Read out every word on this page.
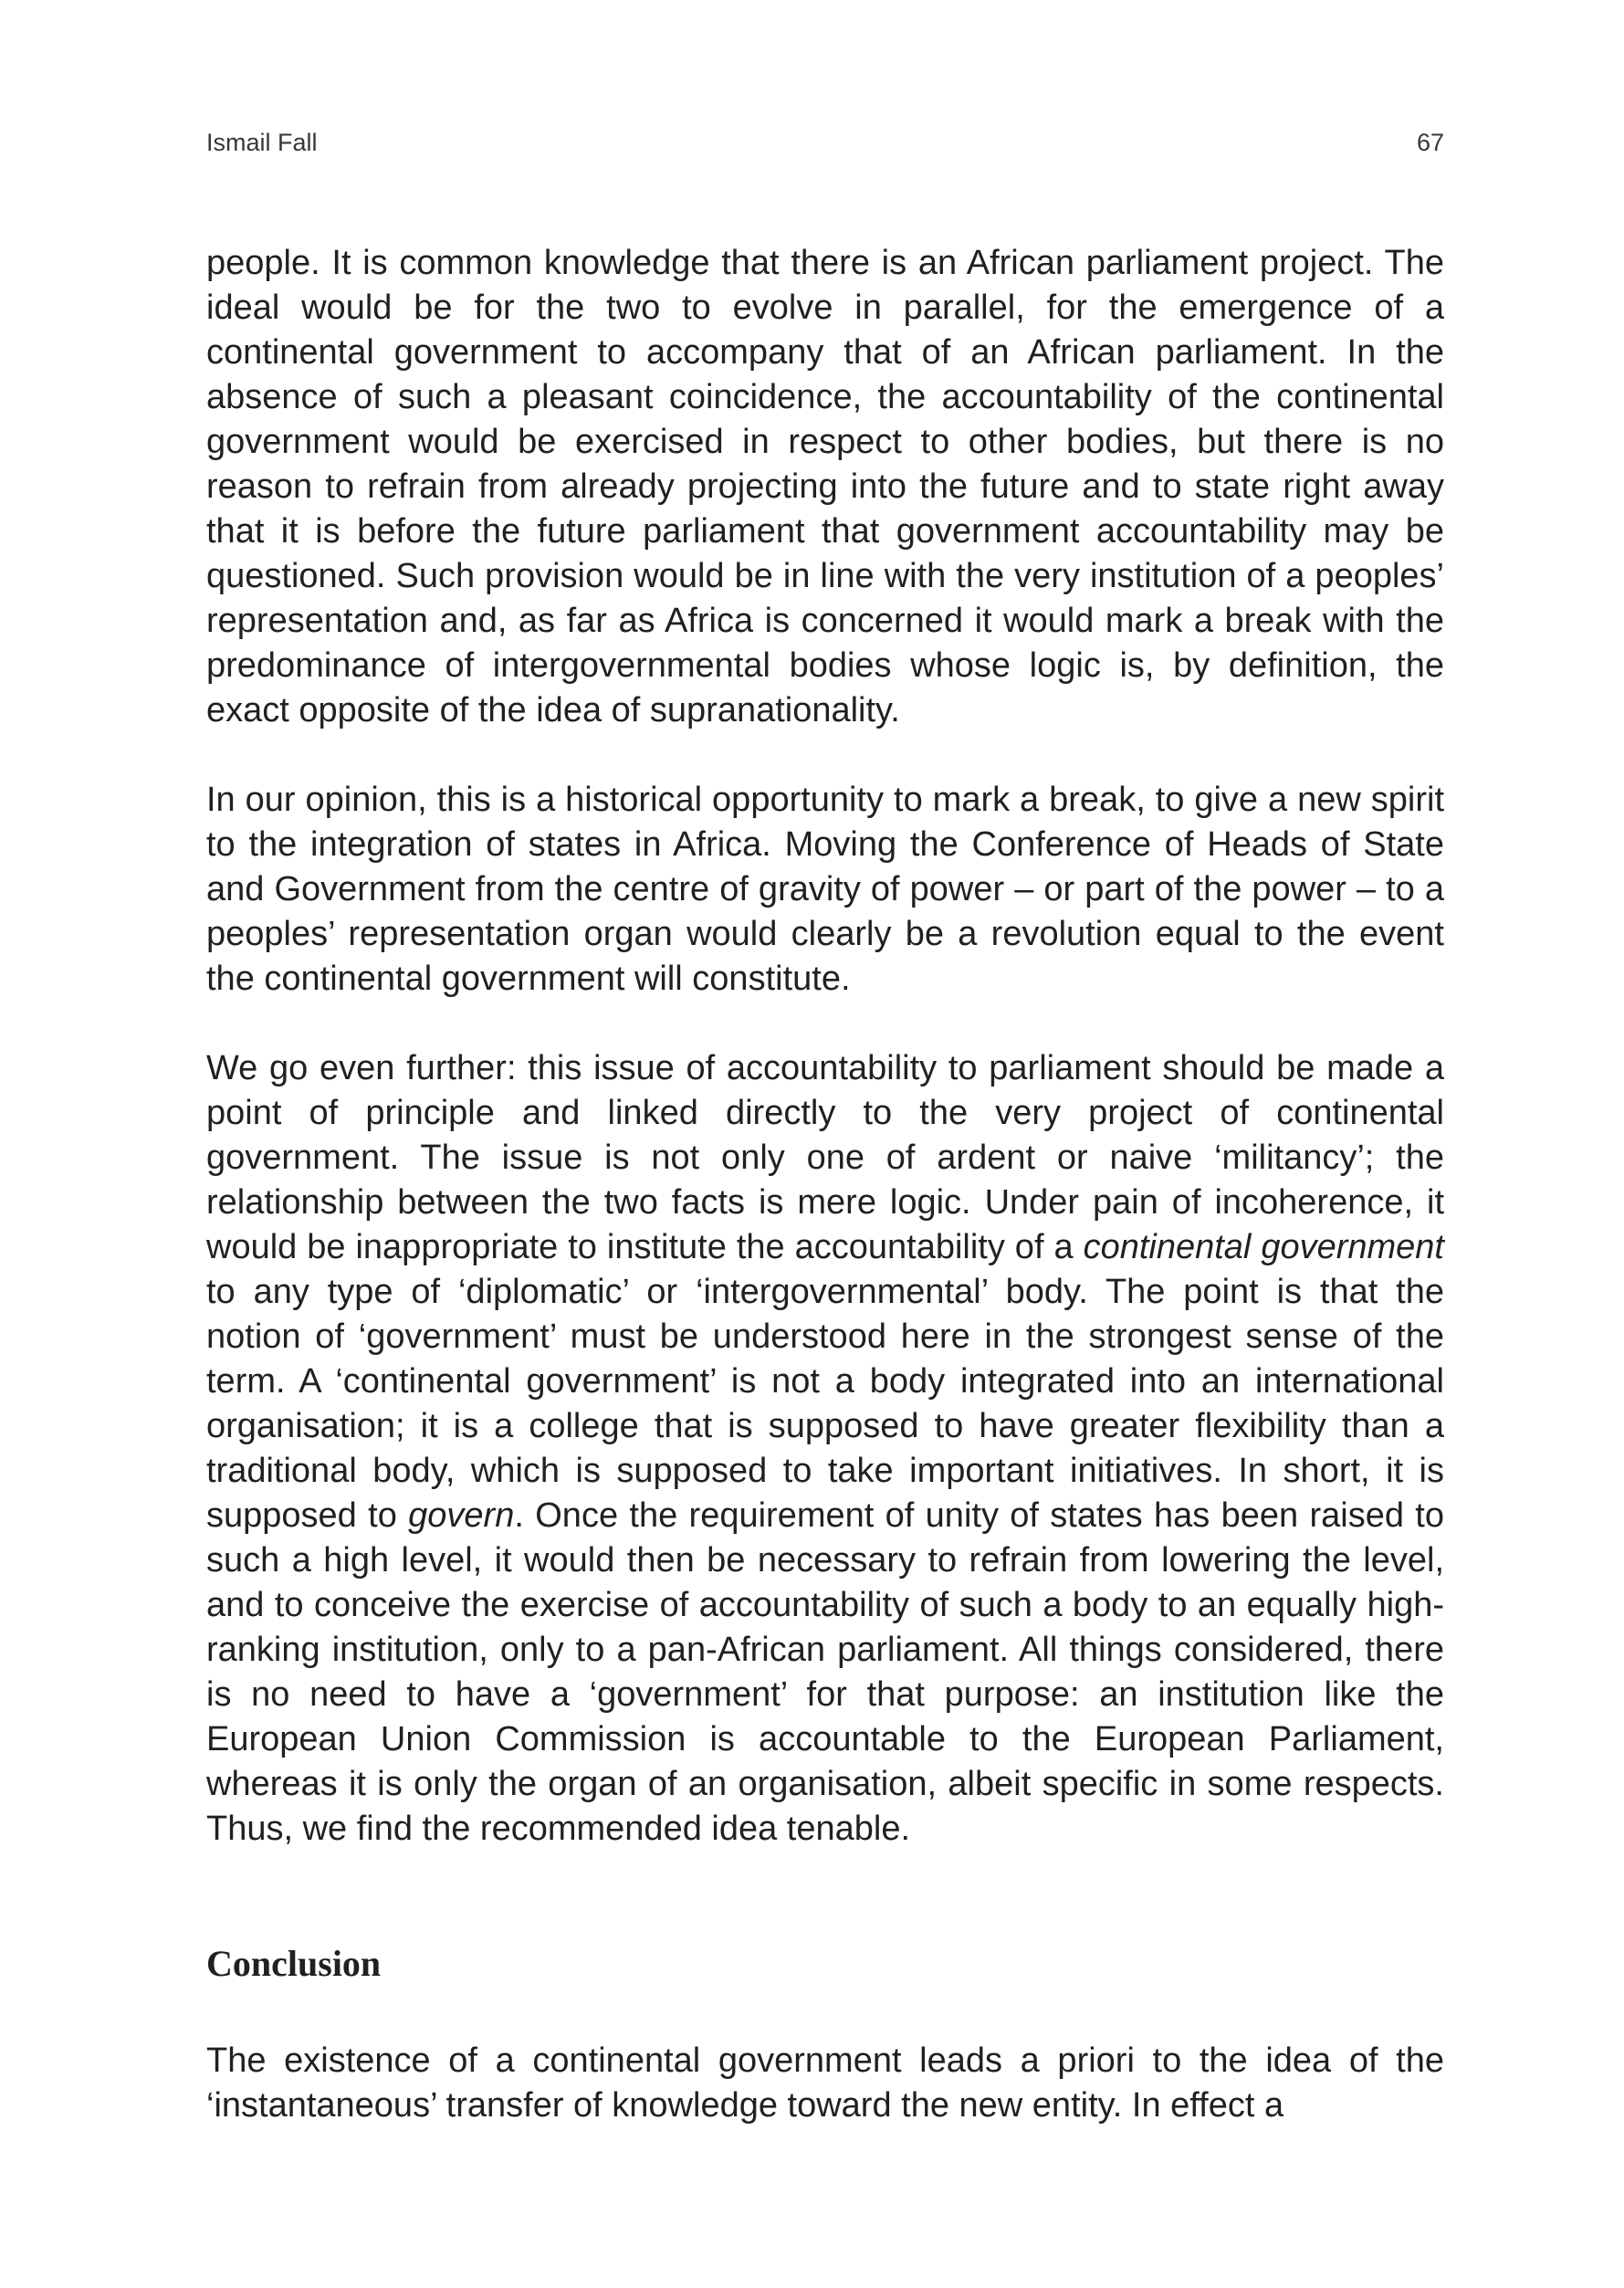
Ismail Fall	67

people. It is common knowledge that there is an African parliament project. The ideal would be for the two to evolve in parallel, for the emergence of a continental government to accompany that of an African parliament. In the absence of such a pleasant coincidence, the accountability of the continental government would be exercised in respect to other bodies, but there is no reason to refrain from already projecting into the future and to state right away that it is before the future parliament that government accountability may be questioned. Such provision would be in line with the very institution of a peoples’ representation and, as far as Africa is concerned it would mark a break with the predominance of intergovernmental bodies whose logic is, by definition, the exact opposite of the idea of supranationality.

In our opinion, this is a historical opportunity to mark a break, to give a new spirit to the integration of states in Africa. Moving the Conference of Heads of State and Government from the centre of gravity of power – or part of the power – to a peoples’ representation organ would clearly be a revolution equal to the event the continental government will constitute.

We go even further: this issue of accountability to parliament should be made a point of principle and linked directly to the very project of continental government. The issue is not only one of ardent or naive ‘militancy’; the relationship between the two facts is mere logic. Under pain of incoherence, it would be inappropriate to institute the accountability of a continental government to any type of ‘diplomatic’ or ‘intergovernmental’ body. The point is that the notion of ‘government’ must be understood here in the strongest sense of the term. A ‘continental government’ is not a body integrated into an international organisation; it is a college that is supposed to have greater flexibility than a traditional body, which is supposed to take important initiatives. In short, it is supposed to govern. Once the requirement of unity of states has been raised to such a high level, it would then be necessary to refrain from lowering the level, and to conceive the exercise of accountability of such a body to an equally high-ranking institution, only to a pan-African parliament. All things considered, there is no need to have a ‘government’ for that purpose: an institution like the European Union Commission is accountable to the European Parliament, whereas it is only the organ of an organisation, albeit specific in some respects. Thus, we find the recommended idea tenable.

Conclusion

The existence of a continental government leads a priori to the idea of the ‘instantaneous’ transfer of knowledge toward the new entity. In effect a
